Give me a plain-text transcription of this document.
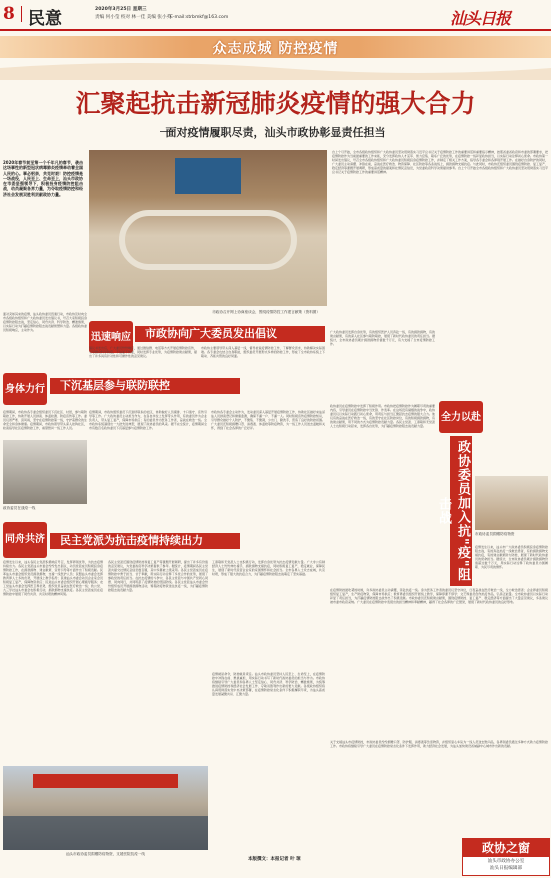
8 民意	2020年3月25日 星期三
责编 何小莹 校对 林一佳 美编 张小英
E-mail:strbmkf@163.com	汕头日报
众志成城 防控疫情
汇聚起抗击新冠肺炎疫情的强大合力
面对疫情履职尽责，汕头市政协彰显责任担当
2020年春节前至第一个千年凡的春节，袭击这场事性的新型冠状病毒肺炎疫情牵动着全国人民的心。事必躬亲，共克时艰！防控疫情是一场战役，人民至上、生命至上，汕头市政协在市委坚强领导下，积极投身疫情防控阻击战，动员凝聚各界力量，为夺取疫情防控和经济社会发展双胜利贡献政协力量。
市政协召开网上协商座谈会，围绕疫情防控工作建言献策（资料图）
自上个月开始，全市各级政协组织和广大政协委员坚决贯彻落实习近平总书记关于疫情防控工作的重要讲话和重要指示精神，按照省委省政府和市委的部署要求，把疫情防控作为当前最重要的工作来抓，充分发挥政协人才荟萃、智力密集、联系广泛的优势，在疫情防控一线彰显政协担当，以实际行动诠释初心使命。市政协第一时间发出倡议，号召全市各级政协组织和广大政协委员积极投身疫情防控工作，并制定了相关工作方案，指导各专委会和各界别开展工作。在做好自身防护的同时，广大委员主动请缨、冲锋在前，奋战在医疗救治、物资保障、社区防控等各条战线上，捐款捐物支援抗疫。与此同时，市政协还组织委员围绕疫情防控、复工复产、稳定经济等课题开展调研，形成高质量的提案和社情民意信息，为党委政府科学决策提供参考。自上个月开始全市各级政协组织和广大政协委员坚决贯彻落实习近平总书记关于疫情防控工作的重要讲话精神。
迅速响应	市政协向广大委员发出倡议
面对突如其来的疫情，汕头政协委员迅速行动，市政协及时向全市各级政协组织和广大政协委员发出倡议书，号召大家积极投身疫情防控阻击战，坚定信心、同舟共济、科学防治、精准施策，以实际行动为打赢疫情防控阻击战贡献智慧和力量。各级政协委员积极响应，主动作为。
倡议书发出后，广大委员纷纷响应，通过微信群、电话等方式开展疫情防控宣传，引导群众科学防疫，不信谣不传谣，同时发挥专业优势，为疫情防控建言献策，提出了许多具有针对性和可操作性的意见建议。
市政协主要领导带头深入基层一线，督导检查疫情防控工作，了解群众需求，协助解决实际困难。各专委会也结合自身职能，组织委员开展形式多样的防控工作，形成了全市政协系统上下联动、齐抓共管的良好局面。
广大政协委员发挥自身优势，有的组织医护人员奔赴一线，有的捐款捐物，有的建言献策，有的深入社区参与联防联控，展现了新时代政协委员的责任担当。据统计，全市政协委员累计捐款捐物价值数千万元，有力支援了全市疫情防控工作。
身体力行	下沉基层参与联防联控
疫情期间，市政协各专委会组织委员下沉社区、村居，参与联防联控工作，协助开展人员排查、体温检测、防疫宣传等工作。委员们冒严寒、顶风雨，坚守在疫情防控第一线，守护着群众的生命安全和身体健康。疫情期间，市政协领导带头深入挂钩社区，检查指导社区疫情防控工作，看望慰问一线工作人员。
政协委员在战疫一线
疫情期间，市政协组织委员下沉到所联系的社区，协助做好人员摸排、卡口值守、宣传引导等工作。广大政协委员主动担当作为，在各自岗位上发挥带头作用，有的委员作为企业负责人，带头复工复产，保障市场供应；有的委员作为医务工作者，奋战在救治一线。全市政协系统涌现出一大批先进典型，展现了政协委员的风采。据不完全统计，疫情期间全市有数百名政协委员下沉基层参与疫情防控工作。
市政协各专委会主动作为，发动委员深入基层开展疫情防控工作，协助社区做好来汕返汕人员排查登记和健康监测，确保不漏一户、不漏一人。同时积极宣传疫情防控知识，引导群众做好个人防护，不聚集、不聚餐，少出门、勤洗手，营造了良好的防控氛围。广大委员还积极捐赠口罩、消毒液、体温枪等防疫物资，为一线工作人员送去温暖和关怀，得到了社会各界的广泛好评。
政协委员在疫情防控中发挥了积极作用。市政协把疫情防控作为履职尽责的重要内容，引导委员在疫情防控中当先锋、作表率。在这场没有硝烟的战争中，政协委员们以实际行动践行初心使命，用责任与担当汇聚起抗击疫情的强大合力。他们有的奋战在医疗救治一线，有的坚守在社区防控岗位，有的积极捐款捐物，有的建言献策，用不同的方式为疫情防控贡献力量。各民主党派、工商联和无党派人士也积极行动起来，发挥各自优势，为打赢疫情防控阻击战贡献力量。
同舟共济	民主党派为抗击疫情持续出力
疫情发生以来，汕头各民主党派积极响应号召，发挥界别优势，为抗击疫情持续出力。各民主党派汕头市委会纷纷发出倡议，动员党派成员积极投身疫情防控工作，在捐款捐物、建言献策、宣传引导等方面作出了积极贡献。民革汕头市委会组织党员捐款捐物，支援一线医护人员；民盟汕头市委会发挥教育界人士多的优势，开展线上教学指导；民建汕头市委会动员企业家会员积极复工复产，保障物资供应；民进汕头市委会组织开展心理疏导服务；农工党汕头市委会发挥医卫界优势，组织党员奋战在医疗救治一线；致公党、九三学社汕头市委会也积极行动，捐款捐物支援抗疫。各民主党派成员在疫情防控中展现了同舟共济、共克时艰的精神风貌。
各民主党派还围绕疫情防控和复工复产等课题开展调研，提出了许多有价值的意见建议，为党委政府科学决策提供了参考。据统计，疫情期间各民主党派共提交社情民意信息数百篇，其中多篇被上级采用。各民主党派成员在疫情防控中勇于担当、甘于奉献，用实际行动诠释了多党合作的优势，展现了参政党的责任担当。在抗击疫情的斗争中，各民主党派与中国共产党同心同德、同向同行，共同筑起了疫情防控的坚固防线。各民主党派汕头市委会纷纷组织成员开展捐款捐物活动，筹集防疫物资送往抗疫一线，为打赢疫情防控阻击战贡献力量。
工商联和无党派人士也积极行动，发挥自身优势为抗击疫情贡献力量。广大非公有制经济人士纷纷伸出援手，捐款捐物支援抗疫，同时积极复工复产，稳定就业，保障民生，展现了新时代民营企业家的家国情怀和社会担当。全市各界人士众志成城，共克时艰，形成了强大的抗疫合力，为打赢疫情防控阻击战奠定了坚实基础。
疫情就是命令，防控就是责任。汕头市政协委员坚持人民至上、生命至上，在疫情防控中冲锋在前、勇挑重担，用实际行动书写了新时代政协委员的担当与作为。市政协将继续引导广大委员和各界人士坚定信心、同舟共济、科学防治、精准施策，为统筹推进疫情防控和经济社会发展工作、夺取双胜利作出新的更大贡献。各级政协组织将认真贯彻落实党中央决策部署，在疫情防控常态化条件下积极履职尽责，为汕头高质量发展凝聚共识、汇聚力量。
汕头市政协委员捐赠防疫物资，支援医院抗疫一线
全力以赴
政协委员加入抗"疫"阻击战
市政协委员捐赠防疫物资
疫情发生以来，汕头市广大政协委员积极投身疫情防控阻击战，有的奔赴抗疫一线救治患者，有的捐款捐物支援抗疫，有的建言献策助力防控，展现了新时代政协委员的使命担当。据统计，全市政协委员累计捐款捐物价值超过数千万元，用实际行动诠释了政协委员为国履职、为民尽责的情怀。
在疫情防控最吃紧的时候，许多政协委员主动请缨，奔赴抗疫一线。身为医务工作者的委员们坚守岗位，日夜奋战在医疗救治一线，全力救治患者；企业界委员积极组织复工复产，生产防疫物资，保障市场供应；教育界委员组织开展线上教学，保障停课不停学；文艺界委员创作抗疫作品，弘扬正能量。全市政协委员以实际行动彰显了责任担当，为打赢疫情防控阻击战作出了积极贡献。市政协委员还积极建言献策，围绕疫情防控、复工复产、稳定经济等方面提出了大量意见建议，多条建议被市委市政府采纳。广大委员在疫情防控中表现出的担当精神和奉献精神，赢得了社会各界的广泛赞誉，展现了新时代政协委员的良好形象。
关于支援汕头市疫情防控，市政协委员纷纷捐赠口罩、防护服、消毒液等急需物资，并组织爱心车队为一线人员送去慰问品，各界别委员通过多种方式助力疫情防控工作。市政协将继续引导广大委员在疫情防控常态化条件下发挥作用，助力经济社会发展，为汕头加快建设省域副中心城市作出新的贡献。
本版撰文：本报记者 叶 琼
政协之窗
汕头市政协办公室
汕头日报编辑部
